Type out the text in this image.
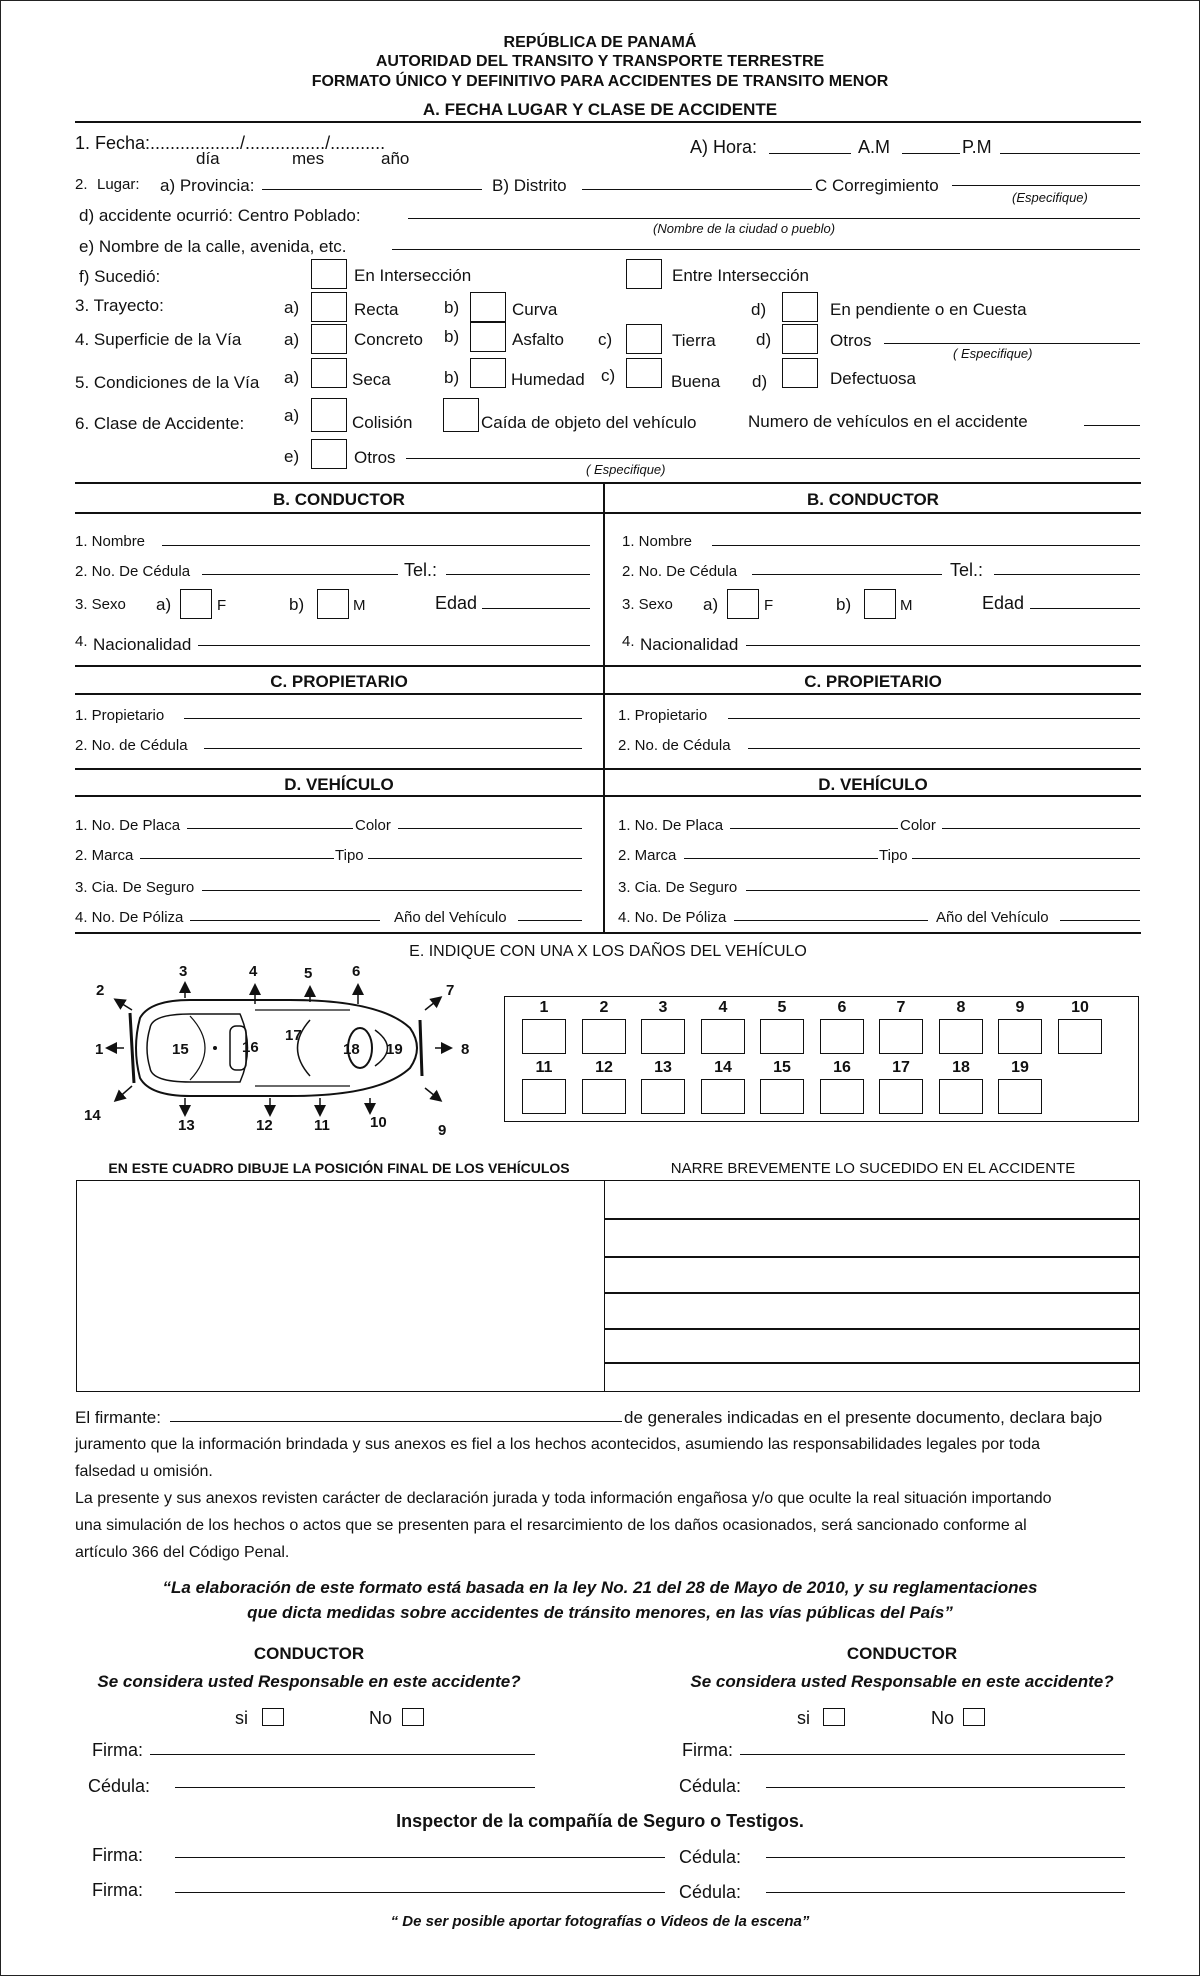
REPÚBLICA DE PANAMÁ
AUTORIDAD DEL TRANSITO Y TRANSPORTE TERRESTRE
FORMATO ÚNICO Y DEFINITIVO PARA ACCIDENTES DE TRANSITO MENOR
A. FECHA LUGAR Y CLASE DE ACCIDENTE
1. Fecha:................../................/...........
día	mes	año
A) Hora:	A.M	P.M
2. Lugar: a) Provincia:	B) Distrito	C Corregimiento
(Especifique)
d) accidente ocurrió: Centro Poblado:
(Nombre de la ciudad o pueblo)
e) Nombre de la calle, avenida, etc.
f) Sucedió:	En Intersección	Entre Intersección
3. Trayecto:	a)	Recta	b)	Curva	d)	En pendiente o en Cuesta
4. Superficie de la Vía	a)	Concreto b)	Asfalto c)	Tierra d)	Otros
( Especifique)
5. Condiciones de la Vía a)	Seca	b)	Humedad c)	Buena d)	Defectuosa
6. Clase de Accidente: a)	Colisión	Caída de objeto del vehículo	Numero de vehículos en el accidente
e)	Otros
( Especifique)
B. CONDUCTOR	B. CONDUCTOR
1. Nombre
2. No. De Cédula	Tel.:
3. Sexo a)	F	b)	M	Edad
4. Nacionalidad
1. Nombre
2. No. De Cédula	Tel.:
3. Sexo a)	F	b)	M	Edad
4. Nacionalidad
C. PROPIETARIO	C. PROPIETARIO
1. Propietario
2. No. de Cédula
1. Propietario
2. No. de Cédula
D. VEHÍCULO	D. VEHÍCULO
1. No. De Placa	Color
2. Marca	Tipo
3. Cia. De Seguro
4. No. De Póliza	Año del Vehículo
1. No. De Placa	Color
2. Marca	Tipo
3. Cia. De Seguro
4. No. De Póliza	Año del Vehículo
E. INDIQUE CON UNA X LOS DAÑOS DEL VEHÍCULO
1
2
3	4	5	6
7
8
9
10
11
12
13
14
15	16
17
18 19
1	2	3	4	5	6	7	8	9	10
11	12	13	14	15	16	17	18	19
EN ESTE CUADRO DIBUJE LA POSICIÓN FINAL DE LOS VEHÍCULOS	NARRE BREVEMENTE LO SUCEDIDO EN EL ACCIDENTE
El firmante:	de generales indicadas en el presente documento, declara bajo
juramento que la información brindada y sus anexos es fiel a los hechos acontecidos, asumiendo las responsabilidades legales por toda
falsedad u omisión.
La presente y sus anexos revisten carácter de declaración jurada y toda información engañosa y/o que oculte la real situación importando
una simulación de los hechos o actos que se presenten para el resarcimiento de los daños ocasionados, será sancionado conforme al
artículo 366 del Código Penal.
“La elaboración de este formato está basada en la ley No. 21 del 28 de Mayo de 2010, y su reglamentaciones
que dicta medidas sobre accidentes de tránsito menores, en las vías públicas del País”
CONDUCTOR
Se considera usted Responsable en este accidente?
si	No
Firma:
Cédula:
CONDUCTOR
Se considera usted Responsable en este accidente?
si	No
Firma:
Cédula:
Inspector de la compañía de Seguro o Testigos.
Firma:	Cédula:
Firma:	Cédula:
“ De ser posible aportar fotografías o Videos de la escena”
